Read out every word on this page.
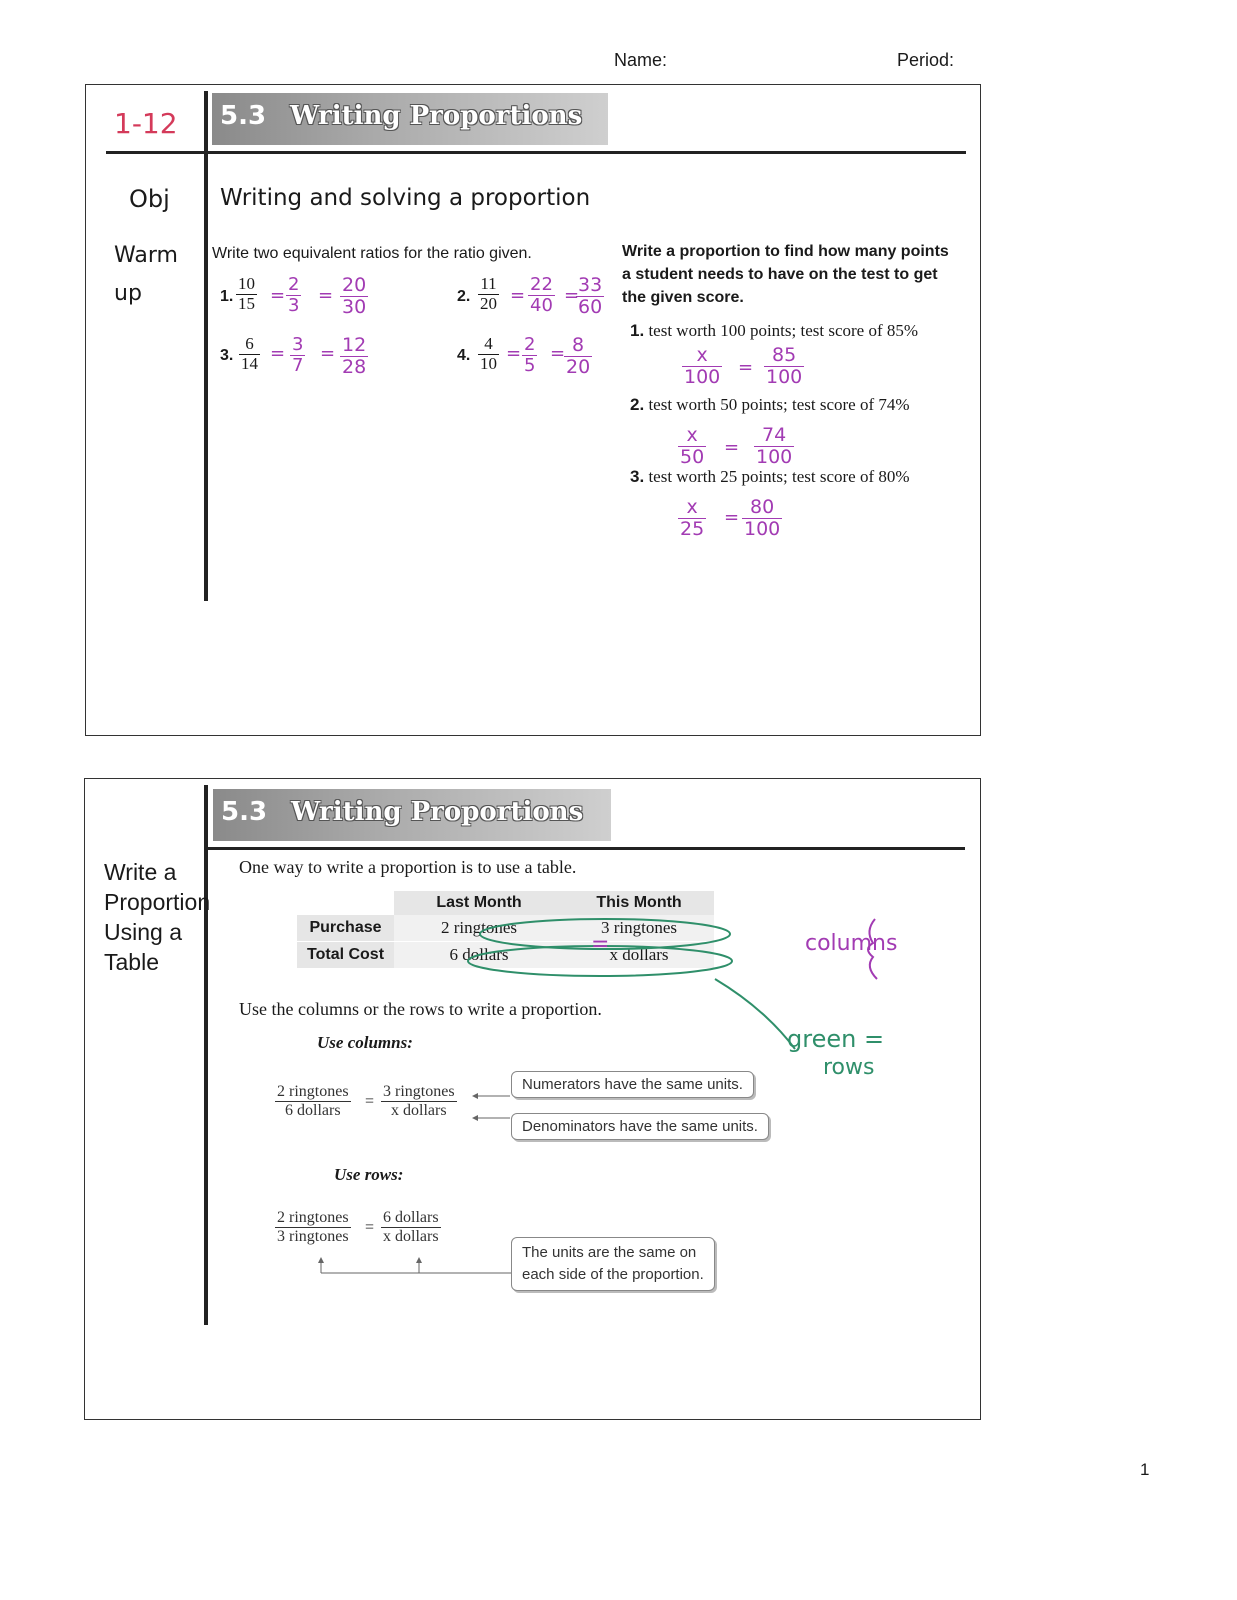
Name:	Period:
1-12 5.3 Writing Proportions
Obj Writing and solving a proportion
Warm
up
Write two equivalent ratios for the ratio given.
1. $\frac{10}{15} = \frac{2}{3} = \frac{20}{30}$	2. $\frac{11}{20} = \frac{22}{40}$ =
$\frac{33}{60}$
3. $\frac{6}{14} = \frac{3}{7} = \frac{12}{28}$	4. $\frac{4}{10} = \frac{2}{5}$ =
$\frac{8}{20}$
Write a proportion to find how many points
a student needs to have on the test to get
the given score.
1. test worth 100 points; test score of 85%
$\frac{x}{100} = \frac{85}{100}$
2. test worth 50 points; test score of 74%
$\frac{x}{50} = \frac{74}{100}$
3. test worth 25 points; test score of 80%
$\frac{x}{25} = \frac{80}{100}$
5.3 Writing Proportions
Write a
Proportion
Using a
Table
One way to write a proportion is to use a table.
	Last Month	This Month
Purchase	2 ringtones	3 ringtones
Total Cost	6 dollars	x dollars
=	columns
green =
rows
Use the columns or the rows to write a proportion.
Use columns:
2 ringtones
6 dollars
=
3 ringtones
x dollars
Numerators have the same units.
Denominators have the same units.
Use rows:
2 ringtones
3 ringtones
=
6 dollars
x dollars
The units are the same on
each side of the proportion.
1
